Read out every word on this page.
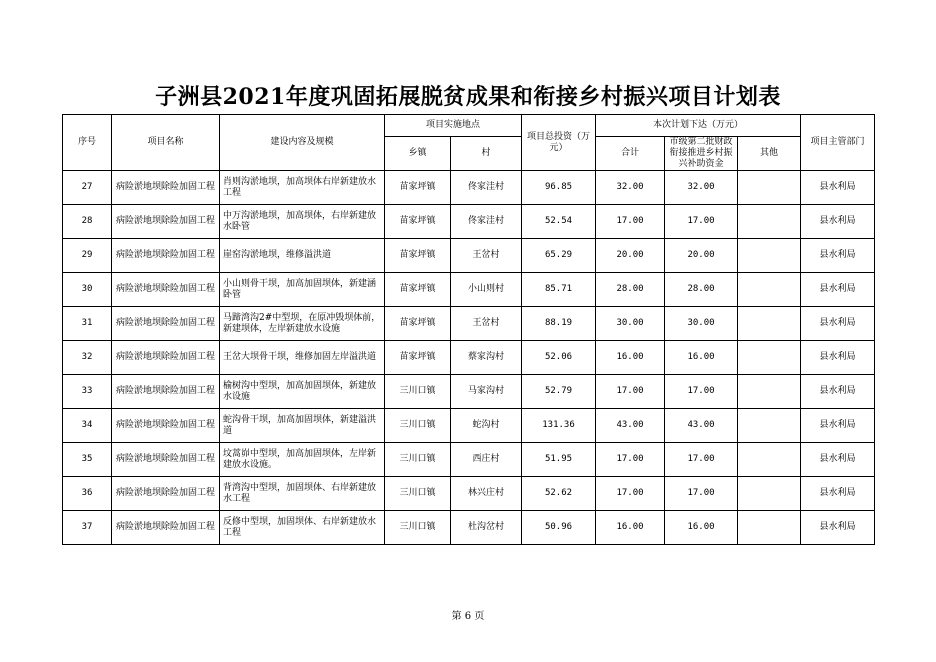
子洲县2021年度巩固拓展脱贫成果和衔接乡村振兴项目计划表
序号	项目名称	建设内容及规模	项目实施地点		项目总投资（万元）	本次计划下达（万元）			项目主管部门
			乡镇	村		合计	市级第二批财政衔接推进乡村振兴补助资金	其他	
27	病险淤地坝除险加固工程	肖则沟淤地坝，加高坝体右岸新建放水工程	苗家坪镇	佟家洼村	96.85	32.00	32.00		县水利局
28	病险淤地坝除险加固工程	中万沟淤地坝，加高坝体，右岸新建放水卧管	苗家坪镇	佟家洼村	52.54	17.00	17.00		县水利局
29	病险淤地坝除险加固工程	崖窑沟淤地坝，维修溢洪道	苗家坪镇	王岔村	65.29	20.00	20.00		县水利局
30	病险淤地坝除险加固工程	小山则骨干坝，加高加固坝体，新建涵卧管	苗家坪镇	小山则村	85.71	28.00	28.00		县水利局
31	病险淤地坝除险加固工程	马蹄湾沟2#中型坝，在原冲毁坝体前，新建坝体，左岸新建放水设施	苗家坪镇	王岔村	88.19	30.00	30.00		县水利局
32	病险淤地坝除险加固工程	王岔大坝骨干坝，维修加固左岸溢洪道	苗家坪镇	蔡家沟村	52.06	16.00	16.00		县水利局
33	病险淤地坝除险加固工程	榆树沟中型坝，加高加固坝体，新建放水设施	三川口镇	马家沟村	52.79	17.00	17.00		县水利局
34	病险淤地坝除险加固工程	蛇沟骨干坝，加高加固坝体，新建溢洪道	三川口镇	蛇沟村	131.36	43.00	43.00		县水利局
35	病险淤地坝除险加固工程	坟蒿峁中型坝，加高加固坝体，左岸新建放水设施。	三川口镇	西庄村	51.95	17.00	17.00		县水利局
36	病险淤地坝除险加固工程	背湾沟中型坝，加固坝体、右岸新建放水工程	三川口镇	林兴庄村	52.62	17.00	17.00		县水利局
37	病险淤地坝除险加固工程	反修中型坝，加固坝体、右岸新建放水工程	三川口镇	杜沟岔村	50.96	16.00	16.00		县水利局
第 6 页
